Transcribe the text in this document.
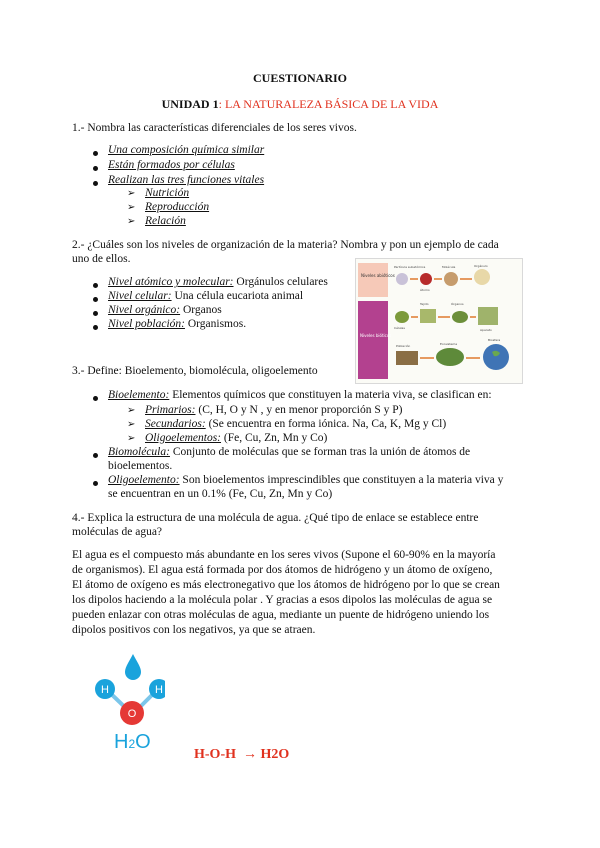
CUESTIONARIO
UNIDAD 1: LA NATURALEZA BÁSICA DE LA VIDA
1.- Nombra las características diferenciales de los seres vivos.
Una composición química similar
Están formados por células
Realizan las tres funciones vitales
➢ Nutrición
➢ Reproducción
➢ Relación
2.- ¿Cuáles son los niveles de organización de la materia? Nombra y pon un ejemplo de cada
uno de ellos.
Nivel atómico y molecular: Orgánulos celulares
Nivel celular: Una célula eucariota animal
Nivel orgánico: Organos
Nivel población: Organismos.
Niveles abióticos
Niveles bióticos
Partícula subatómica
Átomo
Molécula	Orgánulo
Células
Tejido	Órganos
Aparato
Población	Ecosistema
Biosfera
3.- Define: Bioelemento, biomolécula, oligoelemento
Bioelemento: Elementos químicos que constituyen la materia viva, se clasifican en:
➢ Primarios: (C, H, O y N , y en menor proporción S y P)
➢ Secundarios: (Se encuentra en forma iónica. Na, Ca, K, Mg y Cl)
➢ Oligoelementos: (Fe, Cu, Zn, Mn y Co)
Biomolécula: Conjunto de moléculas que se forman tras la unión de átomos de
bioelementos.
Oligoelemento: Son bioelementos imprescindibles que constituyen a la materia viva y
se encuentran en un 0.1% (Fe, Cu, Zn, Mn y Co)
4.- Explica la estructura de una molécula de agua. ¿Qué tipo de enlace se establece entre
moléculas de agua?
El agua es el compuesto más abundante en los seres vivos (Supone el 60-90% en la mayoría
de organismos). El agua está formada por dos átomos de hidrógeno y un átomo de oxígeno,
El átomo de oxígeno es más electronegativo que los átomos de hidrógeno por lo que se crean
los dipolos haciendo a la molécula polar . Y gracias a esos dipolos las moléculas de agua se
pueden enlazar con otras moléculas de agua, mediante un puente de hidrógeno uniendo los
dipolos positivos con los negativos, ya que se atraen.
H	H
O
H2O
H-O-H  → H2O
